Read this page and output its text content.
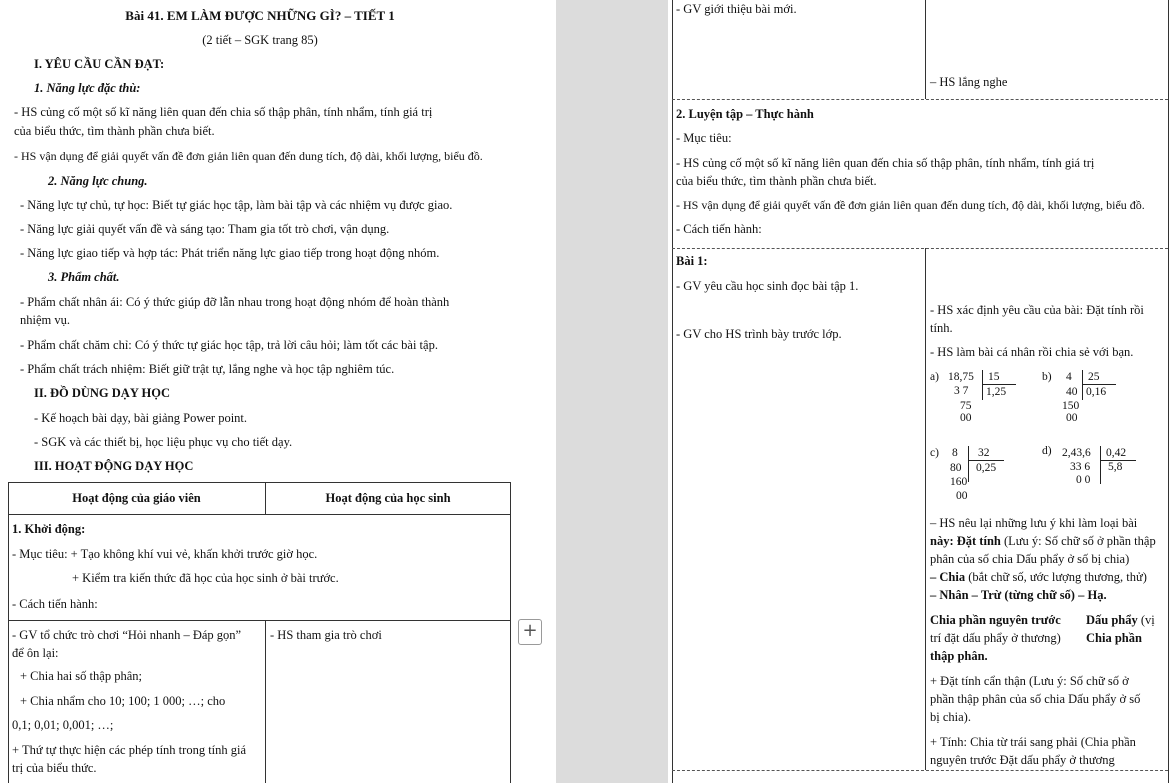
Bài 41. EM LÀM ĐƯỢC NHỮNG GÌ? – TIẾT 1
(2 tiết – SGK trang 85)
I. YÊU CẦU CẦN ĐẠT:
1. Năng lực đặc thù:
- HS củng cố một số kĩ năng liên quan đến chia số thập phân, tính nhẩm, tính giá trị
của biểu thức, tìm thành phần chưa biết.
- HS vận dụng để giải quyết vấn đề đơn giản liên quan đến dung tích, độ dài, khối lượng, biểu đồ.
2. Năng lực chung.
- Năng lực tự chủ, tự học: Biết tự giác học tập, làm bài tập và các nhiệm vụ được giao.
- Năng lực giải quyết vấn đề và sáng tạo: Tham gia tốt trò chơi, vận dụng.
- Năng lực giao tiếp và hợp tác: Phát triển năng lực giao tiếp trong hoạt động nhóm.
3. Phẩm chất.
- Phẩm chất nhân ái: Có ý thức giúp đỡ lẫn nhau trong hoạt động nhóm để hoàn thành
nhiệm vụ.
- Phẩm chất chăm chỉ: Có ý thức tự giác học tập, trả lời câu hỏi; làm tốt các bài tập.
- Phẩm chất trách nhiệm: Biết giữ trật tự, lắng nghe và học tập nghiêm túc.
II. ĐỒ DÙNG DẠY HỌC
- Kế hoạch bài dạy, bài giảng Power point.
- SGK và các thiết bị, học liệu phục vụ cho tiết dạy.
III. HOẠT ĐỘNG DẠY HỌC
Hoạt động của giáo viên	Hoạt động của học sinh
1. Khởi động:
- Mục tiêu: + Tạo không khí vui vẻ, khấn khởi trước giờ học.
+ Kiểm tra kiến thức đã học của học sinh ở bài trước.
- Cách tiến hành:
- GV tổ chức trò chơi “Hỏi nhanh – Đáp gọn”
để ôn lại:
+ Chia hai số thập phân;
+ Chia nhẩm cho 10; 100; 1 000; …; cho
0,1; 0,01; 0,001; …;
+ Thứ tự thực hiện các phép tính trong tính giá
trị của biểu thức.
- HS tham gia trò chơi	+
- GV giới thiệu bài mới.
– HS lắng nghe
2. Luyện tập – Thực hành
- Mục tiêu:
- HS củng cố một số kĩ năng liên quan đến chia số thập phân, tính nhẩm, tính giá trị
của biểu thức, tìm thành phần chưa biết.
- HS vận dụng để giải quyết vấn đề đơn giản liên quan đến dung tích, độ dài, khối lượng, biểu đồ.
- Cách tiến hành:
Bài 1:
- GV yêu cầu học sinh đọc bài tập 1.
- GV cho HS trình bày trước lớp.
- HS xác định yêu cầu của bài: Đặt tính rồi
tính.
- HS làm bài cá nhân rồi chia sẻ với bạn.
a) 18,75
3 7
75
00
15
1,25
b) 4
40
150
00
25
0,16
c) 8
80
160
00
32
0,25
d) 2,43,6
33 6
0 0
0,42
5,8
– HS nêu lại những lưu ý khi làm loại bài
này: Đặt tính (Lưu ý: Số chữ số ở phần thập
phân của số chia Dấu phẩy ở số bị chia)
– Chia (bắt chữ số, ước lượng thương, thử)
– Nhân – Trừ (từng chữ số) – Hạ.
Chia phần nguyên trước Dấu phẩy (vị
trí đặt dấu phẩy ở thương) Chia phần
thập phân.
+ Đặt tính cẩn thận (Lưu ý: Số chữ số ở
phần thập phân của số chia Dấu phẩy ở số
bị chia).
+ Tính: Chia từ trái sang phải (Chia phần
nguyên trước Đặt dấu phẩy ở thương
